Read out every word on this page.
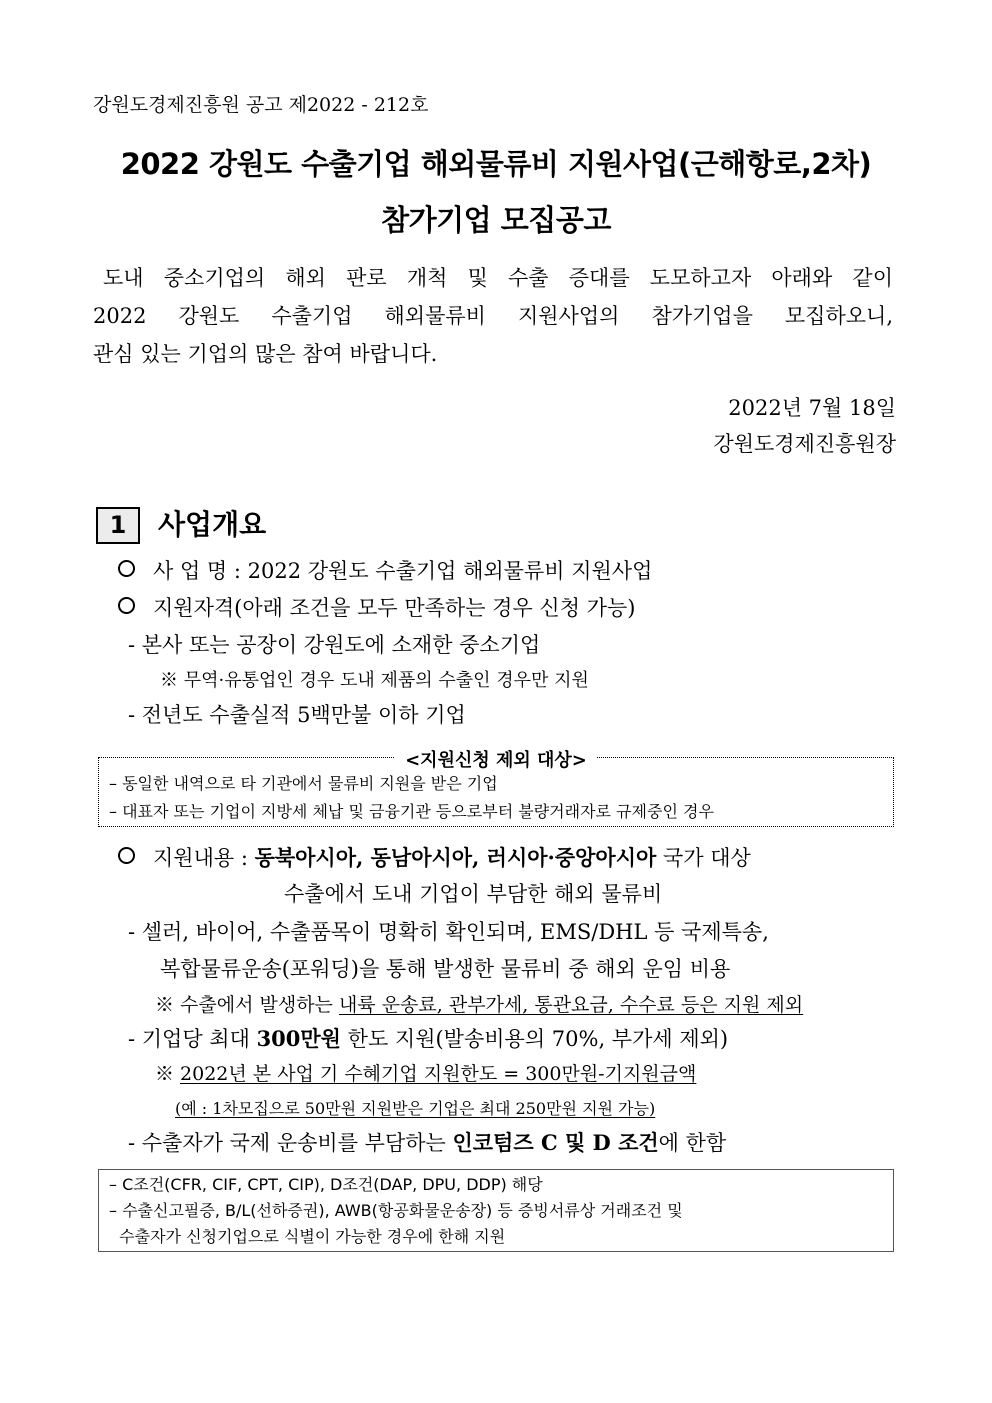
강원도경제진흥원 공고 제2022 - 212호
2022 강원도 수출기업 해외물류비 지원사업(근해항로,2차)
참가기업 모집공고
도내 중소기업의 해외 판로 개척 및 수출 증대를 도모하고자 아래와 같이
2022 강원도 수출기업 해외물류비 지원사업의 참가기업을 모집하오니,
관심 있는 기업의 많은 참여 바랍니다.
2022년 7월 18일
강원도경제진흥원장
1	사업개요
사 업 명 : 2022 강원도 수출기업 해외물류비 지원사업
지원자격(아래 조건을 모두 만족하는 경우 신청 가능)
- 본사 또는 공장이 강원도에 소재한 중소기업
※ 무역·유통업인 경우 도내 제품의 수출인 경우만 지원
- 전년도 수출실적 5백만불 이하 기업
<지원신청 제외 대상>
– 동일한 내역으로 타 기관에서 물류비 지원을 받은 기업
– 대표자 또는 기업이 지방세 체납 및 금융기관 등으로부터 불량거래자로 규제중인 경우
지원내용 : 동북아시아, 동남아시아, 러시아·중앙아시아 국가 대상
수출에서 도내 기업이 부담한 해외 물류비
- 셀러, 바이어, 수출품목이 명확히 확인되며, EMS/DHL 등 국제특송,
복합물류운송(포워딩)을 통해 발생한 물류비 중 해외 운임 비용
※ 수출에서 발생하는 내륙 운송료, 관부가세, 통관요금, 수수료 등은 지원 제외
- 기업당 최대 300만원 한도 지원(발송비용의 70%, 부가세 제외)
※ 2022년 본 사업 기 수혜기업 지원한도 = 300만원-기지원금액
(예 : 1차모집으로 50만원 지원받은 기업은 최대 250만원 지원 가능)
- 수출자가 국제 운송비를 부담하는 인코텀즈 C 및 D 조건에 한함
– C조건(CFR, CIF, CPT, CIP), D조건(DAP, DPU, DDP) 해당
– 수출신고필증, B/L(선하증권), AWB(항공화물운송장) 등 증빙서류상 거래조건 및
수출자가 신청기업으로 식별이 가능한 경우에 한해 지원
